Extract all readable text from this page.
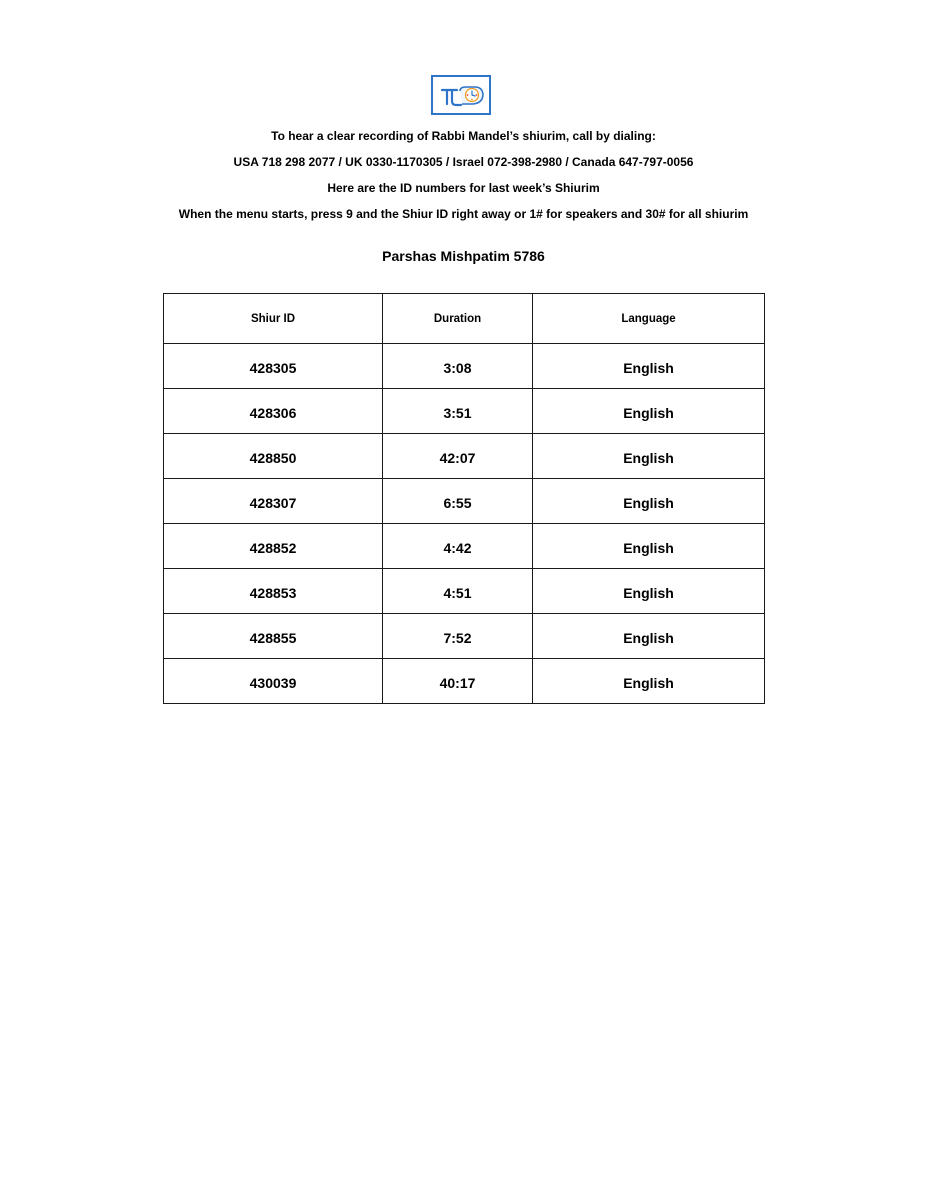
To hear a clear recording of Rabbi Mandel’s shiurim, call by dialing:
USA 718 298 2077 / UK 0330-1170305 / Israel 072-398-2980 / Canada 647-797-0056
Here are the ID numbers for last week’s Shiurim
When the menu starts, press 9 and the Shiur ID right away or 1# for speakers and 30# for all shiurim
Parshas Mishpatim 5786
Shiur ID	Duration	Language
428305	3:08	English
428306	3:51	English
428850	42:07	English
428307	6:55	English
428852	4:42	English
428853	4:51	English
428855	7:52	English
430039	40:17	English
